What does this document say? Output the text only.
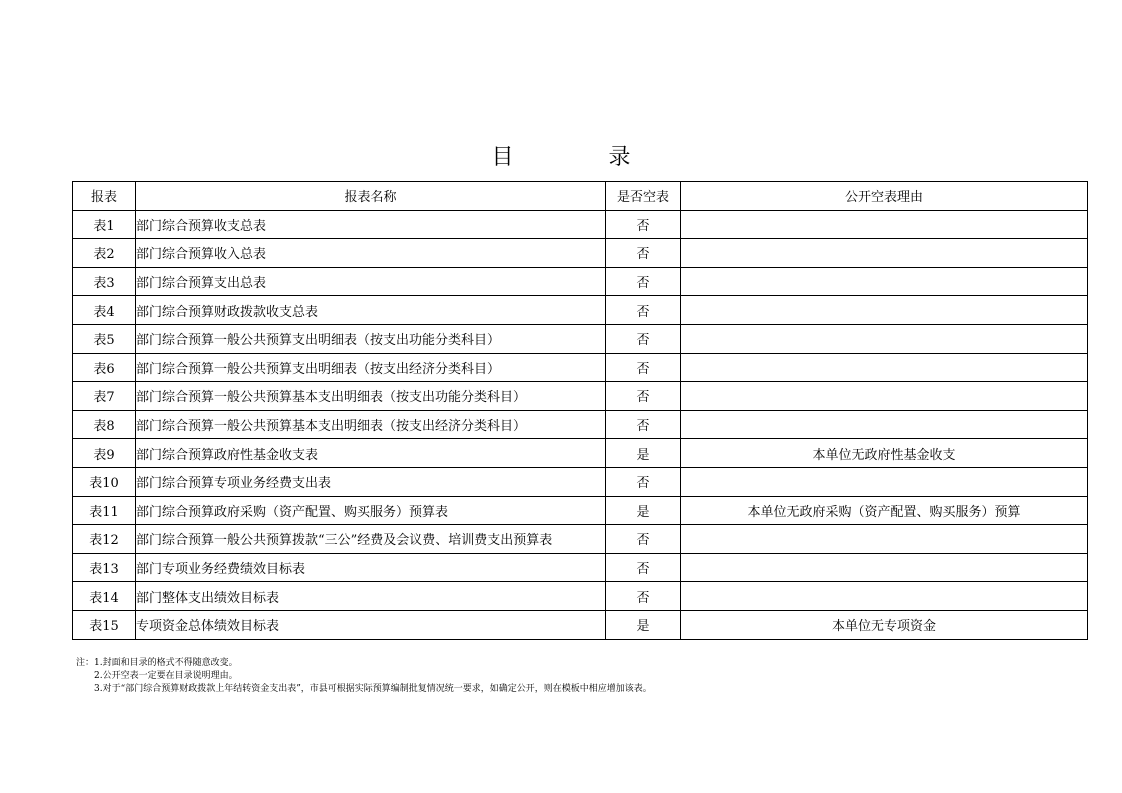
目 录
报表	报表名称	是否空表	公开空表理由
表1	部门综合预算收支总表	否	
表2	部门综合预算收入总表	否	
表3	部门综合预算支出总表	否	
表4	部门综合预算财政拨款收支总表	否	
表5	部门综合预算一般公共预算支出明细表（按支出功能分类科目）	否	
表6	部门综合预算一般公共预算支出明细表（按支出经济分类科目）	否	
表7	部门综合预算一般公共预算基本支出明细表（按支出功能分类科目）	否	
表8	部门综合预算一般公共预算基本支出明细表（按支出经济分类科目）	否	
表9	部门综合预算政府性基金收支表	是	本单位无政府性基金收支
表10	部门综合预算专项业务经费支出表	否	
表11	部门综合预算政府采购（资产配置、购买服务）预算表	是	本单位无政府采购（资产配置、购买服务）预算
表12	部门综合预算一般公共预算拨款“三公”经费及会议费、培训费支出预算表	否	
表13	部门专项业务经费绩效目标表	否	
表14	部门整体支出绩效目标表	否	
表15	专项资金总体绩效目标表	是	本单位无专项资金
注：1.封面和目录的格式不得随意改变。
2.公开空表一定要在目录说明理由。
3.对于“部门综合预算财政拨款上年结转资金支出表”，市县可根据实际预算编制批复情况统一要求，如确定公开，则在模板中相应增加该表。
